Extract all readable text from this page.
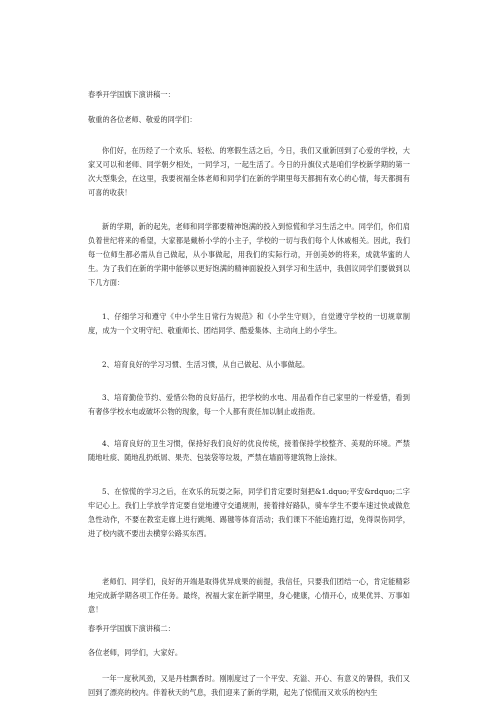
春季开学国旗下演讲稿一：

敬重的各位老师、敬爱的同学们：

你们好，在历经了一个欢乐、轻松、的寒假生活之后，今日，我们又重新回到了心爱的学校，大家又可以和老师、同学朝夕相处，一同学习，一起生活了。今日的升旗仪式是咱们学校新学期的第一次大型集会，在这里，我要祝福全体老师和同学们在新的学期里每天都拥有欢心的心情，每天都拥有可喜的收获！

新的学期，新的起先，老师和同学都要精神饱满的投入到惊慌和学习生活之中。同学们，你们肩负着世纪将来的希望，大家都是戴桥小学的小主子，学校的一切与我们每个人休戚相关。因此，我们每一位师生都必需从自己做起，从小事做起，用我们的实际行动，开创美妙的将来，成就华蜜的人生。为了我们在新的学期中能够以更好饱满的精神面貌投入到学习和生活中，我倡议同学们要做到以下几方面：

1、仔细学习和遵守《中小学生日常行为规范》和《小学生守则》，自觉遵守学校的一切规章制度，成为一个文明守纪、敬重师长、团结同学、酷爱集体、主动向上的小学生。

2、培育良好的学习习惯、生活习惯，从自己做起、从小事做起。

3、培育勤俭节约、爱惜公物的良好品行，把学校的水电、用品看作自己家里的一样爱惜，看到有奢侈学校水电或破坏公物的现象，每一个人都有责任加以制止或指责。

4、培育良好的卫生习惯，保持好我们良好的优良传统，接着保持学校整齐、美观的环境。严禁随地吐痰、随地乱扔纸屑、果壳、包装袋等垃圾，严禁在墙面等建筑物上涂抹。

5、在惊慌的学习之后，在欢乐的玩耍之际，同学们肯定要时刻把&1.dquo;平安&rdquo;二字牢记心上。我们上学放学肯定要自觉地遵守交通规则，接着排好路队，骑车学生不要车速过快或做危急性动作，不要在教室走廊上进行跳绳、踢毽等体育活动；我们课下不能追跑打逗，免得误伤同学，进了校内就不要出去横穿公路买东西。

老师们、同学们，良好的开端是取得优异成果的前提，我信任，只要我们团结一心，肯定能精彩地完成新学期各项工作任务。最终，祝福大家在新学期里，身心健康，心情开心，成果优异、万事如意！

春季开学国旗下演讲稿二：

各位老师，同学们，大家好。

一年一度秋风劲，又是丹桂飘香时。刚刚度过了一个平安、充溢、开心、有意义的暑假，我们又回到了漂亮的校内。伴着秋天的气息，我们迎来了新的学期，起先了惊慌而又欢乐的校内生
